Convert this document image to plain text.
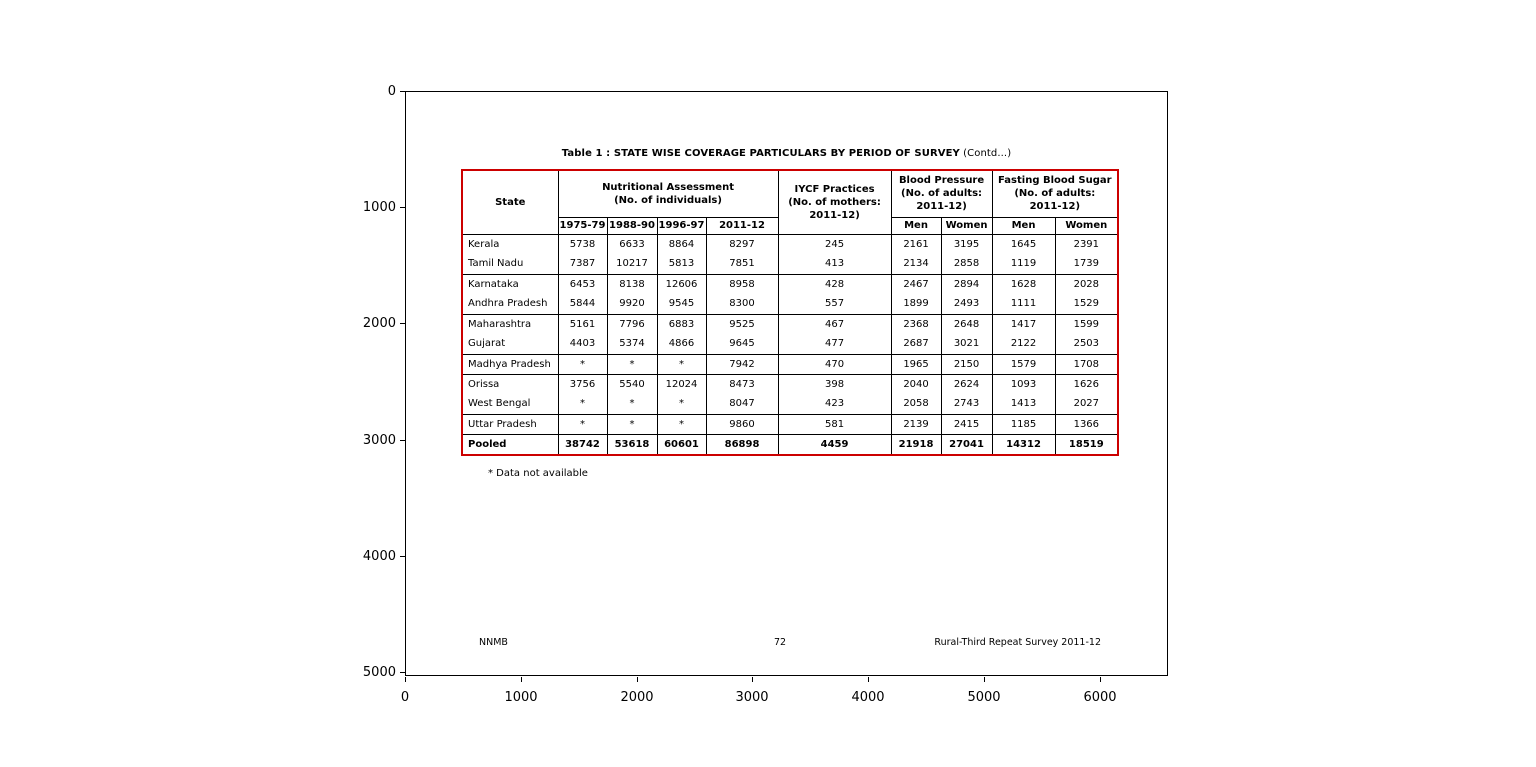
0
1000
2000
3000
4000
5000
0	1000	2000	3000	4000	5000	6000
Table 1 : STATE WISE COVERAGE PARTICULARS BY PERIOD OF SURVEY (Contd...)
State

Nutritional Assessment
(No. of individuals)

IYCF Practices
(No. of mothers:
2011-12)

Blood Pressure
(No. of adults:
2011-12)

Fasting Blood Sugar
(No. of adults:
2011-12)

	1975-79	1988-90	1996-97	2011-12		Men	Women	Men	Women
Kerala	5738	6633	8864	8297	245	2161	3195	1645	2391
Tamil Nadu	7387	10217	5813	7851	413	2134	2858	1119	1739
Karnataka	6453	8138	12606	8958	428	2467	2894	1628	2028
Andhra Pradesh	5844	9920	9545	8300	557	1899	2493	1111	1529
Maharashtra	5161	7796	6883	9525	467	2368	2648	1417	1599
Gujarat	4403	5374	4866	9645	477	2687	3021	2122	2503
Madhya Pradesh	*	*	*	7942	470	1965	2150	1579	1708
Orissa	3756	5540	12024	8473	398	2040	2624	1093	1626
West Bengal	*	*	*	8047	423	2058	2743	1413	2027
Uttar Pradesh	*	*	*	9860	581	2139	2415	1185	1366
Pooled	38742	53618	60601	86898	4459	21918	27041	14312	18519
* Data not available
NNMB	72	Rural-Third Repeat Survey 2011-12
